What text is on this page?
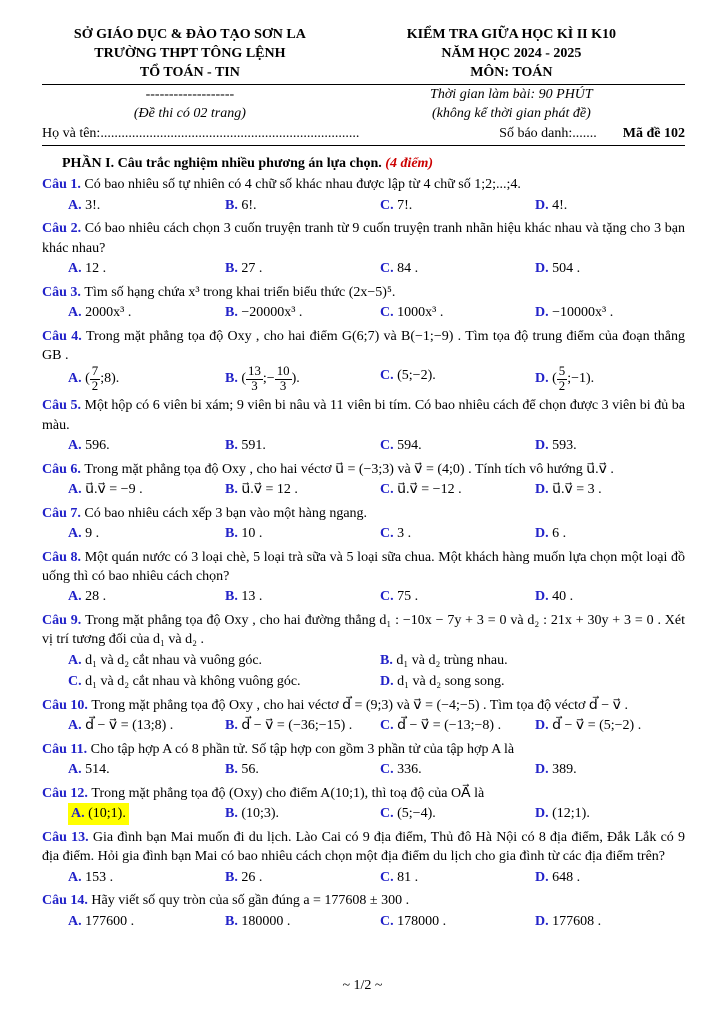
SỞ GIÁO DỤC & ĐÀO TẠO SƠN LA
TRƯỜNG THPT TÔNG LỆNH
TỔ TOÁN - TIN
KIỂM TRA GIỮA HỌC KÌ II K10
NĂM HỌC 2024 - 2025
MÔN: TOÁN
-------------------
(Đề thi có 02 trang)
Thời gian làm bài: 90 PHÚT
(không kể thời gian phát đề)
Họ và tên:..........................................................................	Số báo danh:....... Mã đề 102
PHẦN I. Câu trắc nghiệm nhiều phương án lựa chọn. (4 điểm)

Câu 1. Có bao nhiêu số tự nhiên có 4 chữ số khác nhau được lập từ 4 chữ số 1;2;...;4.

A. 3!.	B. 6!.	C. 7!.	D. 4!.

Câu 2. Có bao nhiêu cách chọn 3 cuốn truyện tranh từ 9 cuốn truyện tranh nhãn hiệu khác nhau và tặng cho 3 bạn khác nhau?

A. 12 .	B. 27 .	C. 84 .	D. 504 .

Câu 3. Tìm số hạng chứa x³ trong khai triển biểu thức (2x−5)⁵.

A. 2000x³ .	B. −20000x³ .	C. 1000x³ .	D. −10000x³ .

Câu 4. Trong mặt phẳng tọa độ Oxy , cho hai điểm G(6;7) và B(−1;−9) . Tìm tọa độ trung điểm của đoạn thẳng GB .

A. ( $\frac{7}{2}$ ;8).	B. ( $\frac{13}{3}$ ;− $\frac{10}{3}$ ).	C. (5;−2).	D. ( $\frac{5}{2}$ ;−1).

Câu 5. Một hộp có 6 viên bi xám; 9 viên bi nâu và 11 viên bi tím. Có bao nhiêu cách để chọn được 3 viên bi đủ ba màu.

A. 596.	B. 591.	C. 594.	D. 593.

Câu 6. Trong mặt phẳng tọa độ Oxy , cho hai véctơ u⃗ = (−3;3) và v⃗ = (4;0) . Tính tích vô hướng u⃗.v⃗ .

A. u⃗.v⃗ = −9 .	B. u⃗.v⃗ = 12 .	C. u⃗.v⃗ = −12 .	D. u⃗.v⃗ = 3 .

Câu 7. Có bao nhiêu cách xếp 3 bạn vào một hàng ngang.

A. 9 .	B. 10 .	C. 3 .	D. 6 .

Câu 8. Một quán nước có 3 loại chè, 5 loại trà sữa và 5 loại sữa chua. Một khách hàng muốn lựa chọn một loại đồ uống thì có bao nhiêu cách chọn?

A. 28 .	B. 13 .	C. 75 .	D. 40 .

Câu 9. Trong mặt phẳng tọa độ Oxy , cho hai đường thẳng d₁ : −10x − 7y + 3 = 0 và d₂ : 21x + 30y + 3 = 0 . Xét vị trí tương đối của d₁ và d₂ .

A. d₁ và d₂ cắt nhau và vuông góc.	B. d₁ và d₂ trùng nhau.
C. d₁ và d₂ cắt nhau và không vuông góc.	D. d₁ và d₂ song song.

Câu 10. Trong mặt phẳng tọa độ Oxy , cho hai véctơ d⃗ = (9;3) và v⃗ = (−4;−5) . Tìm tọa độ véctơ d⃗ − v⃗ .

A. d⃗ − v⃗ = (13;8) .	B. d⃗ − v⃗ = (−36;−15) .	C. d⃗ − v⃗ = (−13;−8) .	D. d⃗ − v⃗ = (5;−2) .

Câu 11. Cho tập hợp A có 8 phần tử. Số tập hợp con gồm 3 phần tử của tập hợp A là

A. 514.	B. 56.	C. 336.	D. 389.

Câu 12. Trong mặt phẳng tọa độ (Oxy) cho điểm A(10;1), thì toạ độ của OA⃗ là

A. (10;1).	B. (10;3).	C. (5;−4).	D. (12;1).

Câu 13. Gia đình bạn Mai muốn đi du lịch. Lào Cai có 9 địa điểm, Thủ đô Hà Nội có 8 địa điểm, Đắk Lắk có 9 địa điểm. Hỏi gia đình bạn Mai có bao nhiêu cách chọn một địa điểm du lịch cho gia đình từ các địa điểm trên?

A. 153 .	B. 26 .	C. 81 .	D. 648 .

Câu 14. Hãy viết số quy tròn của số gần đúng a = 177608 ± 300 .

A. 177600 .	B. 180000 .	C. 178000 .	D. 177608 .
~ 1/2 ~
